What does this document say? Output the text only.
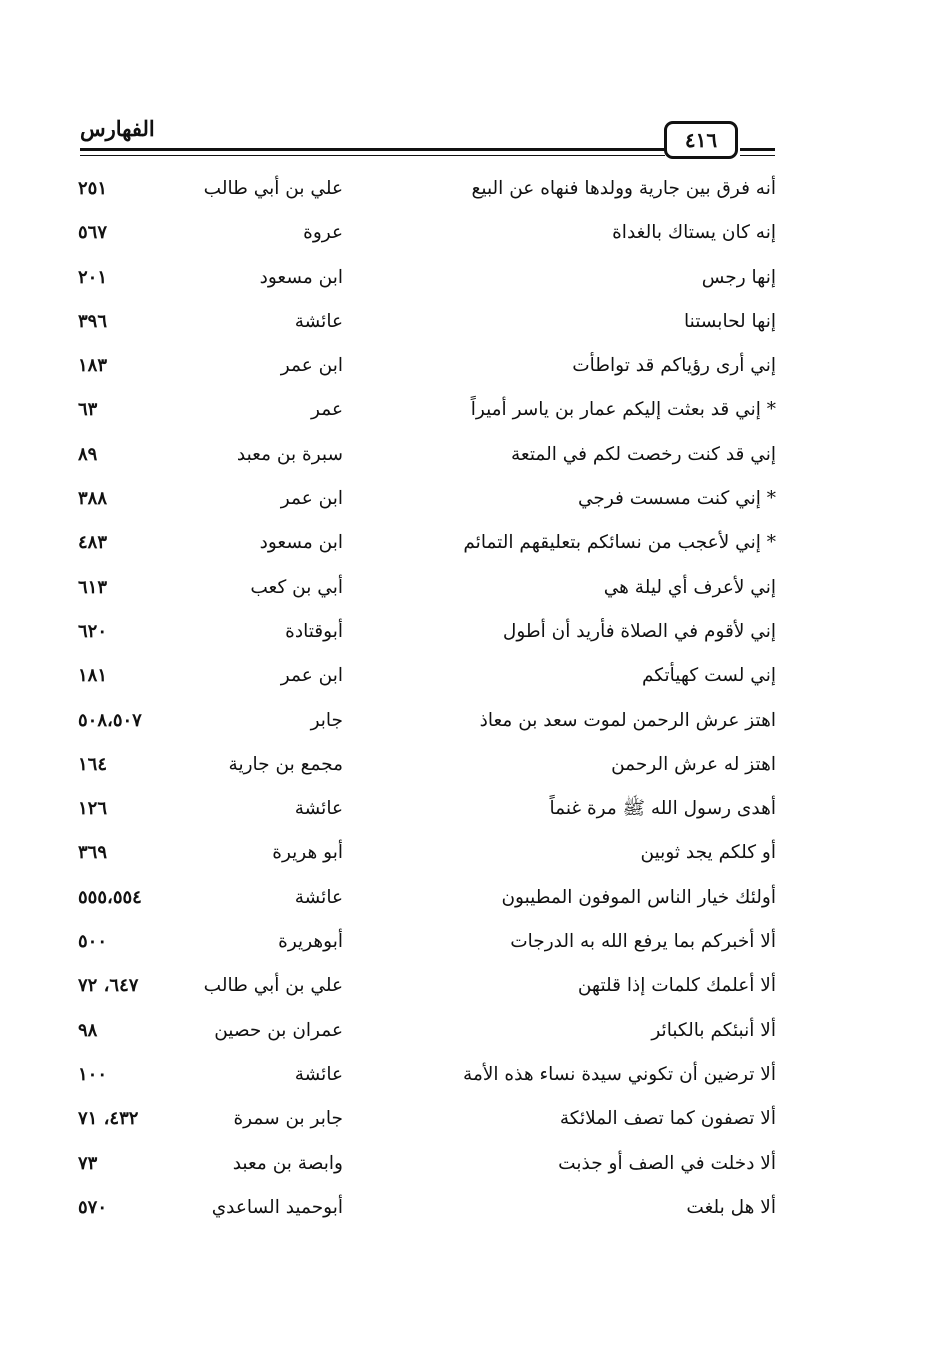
الفهارس	٤١٦
أنه فرق بين جارية وولدها فنهاه عن البيع
علي بن أبي طالب
٢٥١
إنه كان يستاك بالغداة
عروة
٥٦٧
إنها رجس
ابن مسعود
٢٠١
إنها لحابستنا
عائشة
٣٩٦
إني أرى رؤياكم قد تواطأت
ابن عمر
١٨٣
* إني قد بعثت إليكم عمار بن ياسر أميراً
عمر
٦٣
إني قد كنت رخصت لكم في المتعة
سبرة بن معبد
٨٩
* إني كنت مسست فرجي
ابن عمر
٣٨٨
* إني لأعجب من نسائكم بتعليقهم التمائم
ابن مسعود
٤٨٣
إني لأعرف أي ليلة هي
أبي بن كعب
٦١٣
إني لأقوم في الصلاة فأريد أن أطول
أبوقتادة
٦٢٠
إني لست كهيأتكم
ابن عمر
١٨١
اهتز عرش الرحمن لموت سعد بن معاذ
جابر
٥٠٨،٥٠٧
اهتز له عرش الرحمن
مجمع بن جارية
١٦٤
أهدى رسول الله ﷺ مرة غنماً
عائشة
١٢٦
أو كلكم يجد ثوبين
أبو هريرة
٣٦٩
أولئك خيار الناس الموفون المطيبون
عائشة
٥٥٥،٥٥٤
ألا أخبركم بما يرفع الله به الدرجات
أبوهريرة
٥٠٠
ألا أعلمك كلمات إذا قلتهن
علي بن أبي طالب
٦٤٧، ٧٢
ألا أنبئكم بالكبائر
عمران بن حصين
٩٨
ألا ترضين أن تكوني سيدة نساء هذه الأمة
عائشة
١٠٠
ألا تصفون كما تصف الملائكة
جابر بن سمرة
٤٣٢، ٧١
ألا دخلت في الصف أو جذبت
وابصة بن معبد
٧٣
ألا هل بلغت
أبوحميد الساعدي
٥٧٠
